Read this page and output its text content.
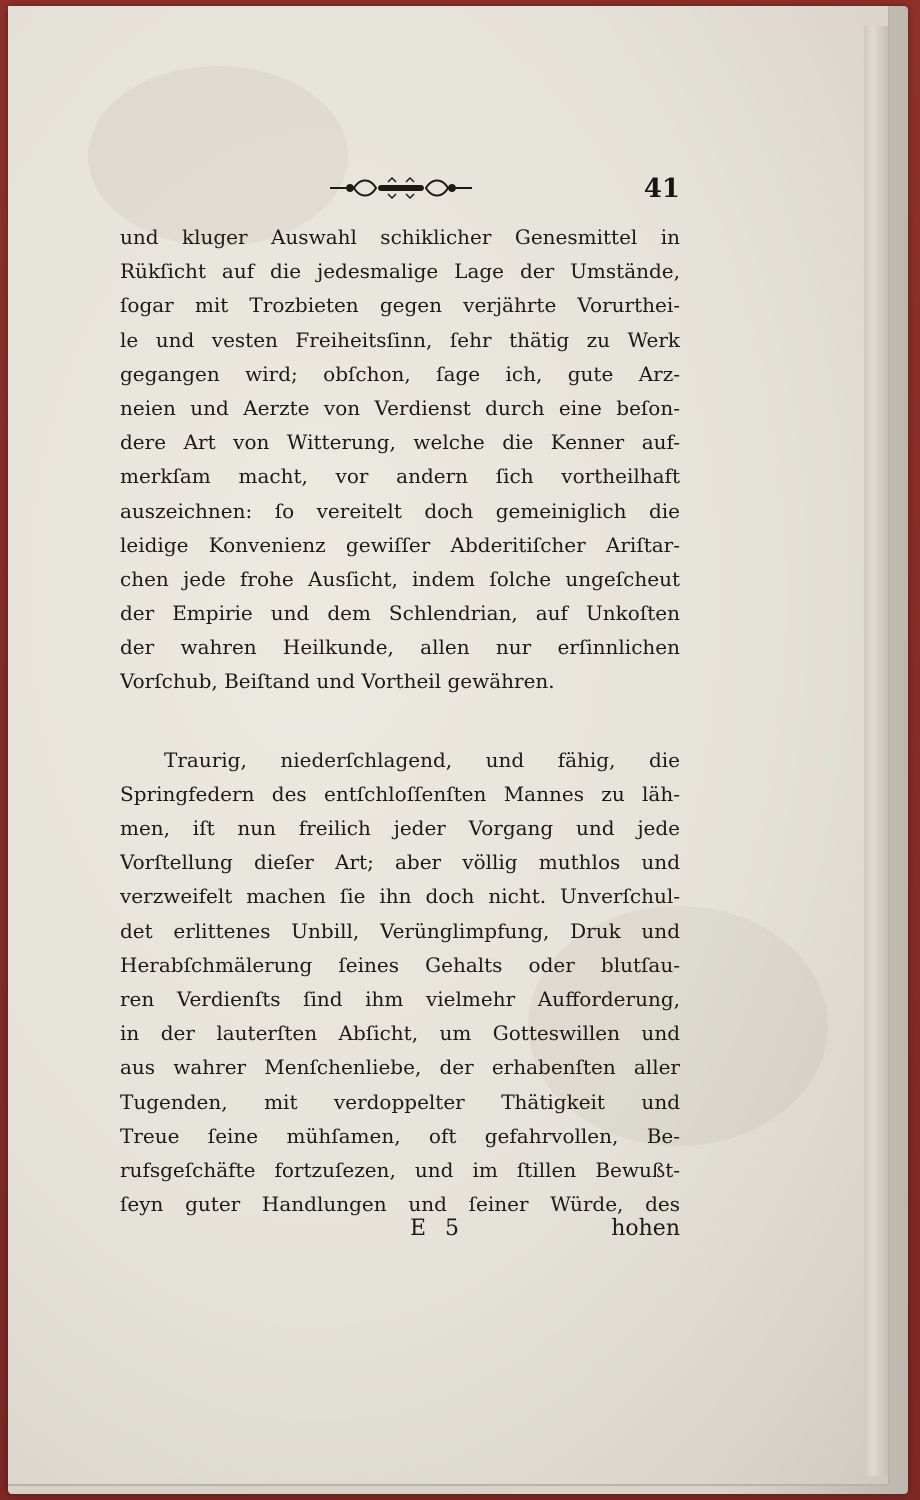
41
und kluger Auswahl schiklicher Genesmittel in
Rükſicht auf die jedesmalige Lage der Umstände,
ſogar mit Trozbieten gegen verjährte Vorurthei-
le und vesten Freiheitsſinn, ſehr thätig zu Werk
gegangen wird; obſchon, ſage ich, gute Arz-
neien und Aerzte von Verdienst durch eine beſon-
dere Art von Witterung, welche die Kenner auf-
merkſam macht, vor andern ſich vortheilhaft
auszeichnen: ſo vereitelt doch gemeiniglich die
leidige Konvenienz gewiſſer Abderitiſcher Ariſtar-
chen jede frohe Ausſicht, indem ſolche ungeſcheut
der Empirie und dem Schlendrian, auf Unkoſten
der wahren Heilkunde, allen nur erſinnlichen
Vorſchub, Beiſtand und Vortheil gewähren.
Traurig, niederſchlagend, und fähig, die
Springfedern des entſchloſſenſten Mannes zu läh-
men, iſt nun freilich jeder Vorgang und jede
Vorſtellung dieſer Art; aber völlig muthlos und
verzweifelt machen ſie ihn doch nicht. Unverſchul-
det erlittenes Unbill, Verünglimpfung, Druk und
Herabſchmälerung ſeines Gehalts oder blutſau-
ren Verdienſts ſind ihm vielmehr Aufforderung,
in der lauterſten Abſicht, um Gotteswillen und
aus wahrer Menſchenliebe, der erhabenſten aller
Tugenden, mit verdoppelter Thätigkeit und
Treue ſeine mühſamen, oft gefahrvollen, Be-
rufsgeſchäfte fortzuſezen, und im ſtillen Bewußt-
ſeyn guter Handlungen und ſeiner Würde, des
E 5	hohen
